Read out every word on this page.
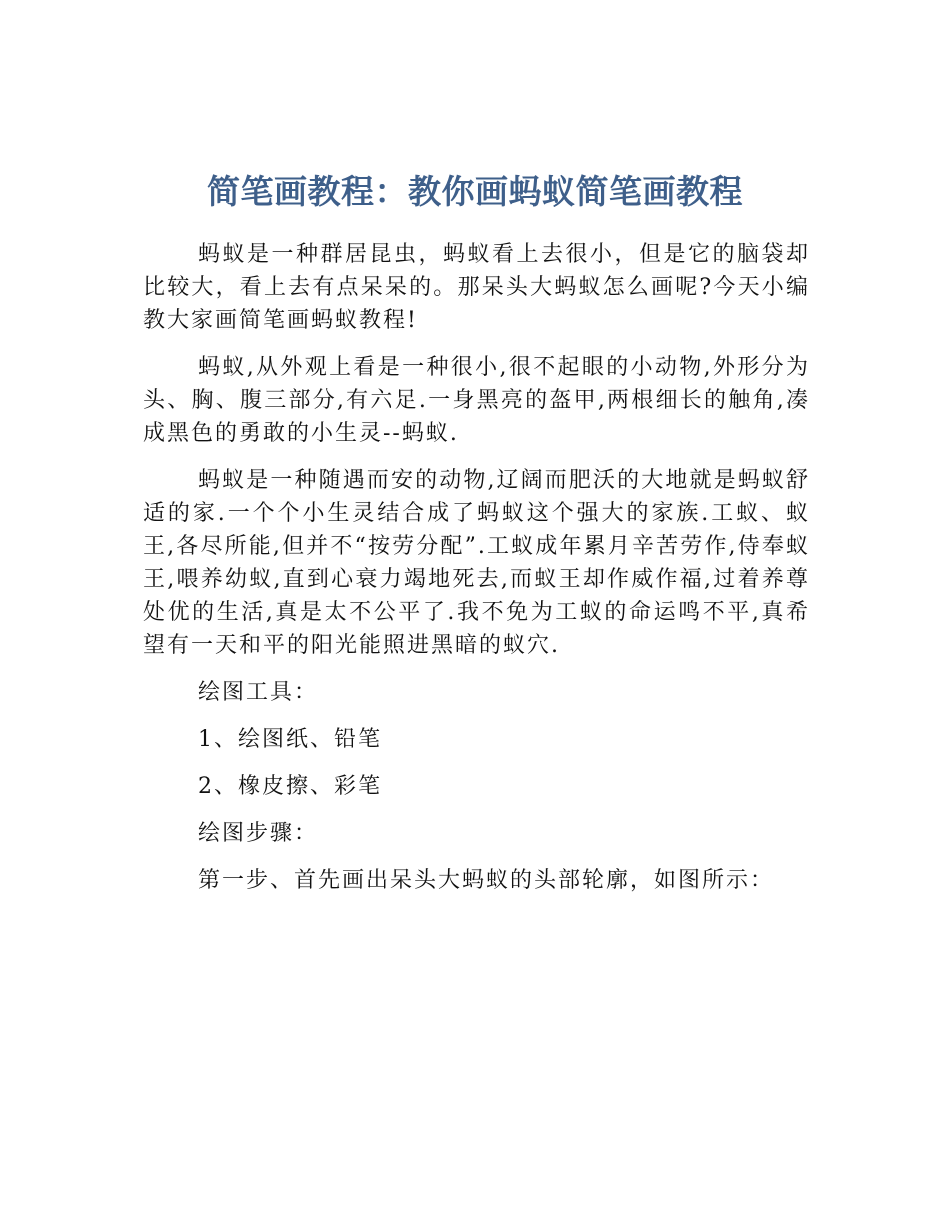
简笔画教程：教你画蚂蚁简笔画教程

蚂蚁是一种群居昆虫，蚂蚁看上去很小，但是它的脑袋却比较大，看上去有点呆呆的。那呆头大蚂蚁怎么画呢?今天小编教大家画简笔画蚂蚁教程!

蚂蚁,从外观上看是一种很小,很不起眼的小动物,外形分为头、胸、腹三部分,有六足.一身黑亮的盔甲,两根细长的触角,凑成黑色的勇敢的小生灵--蚂蚁.

蚂蚁是一种随遇而安的动物,辽阔而肥沃的大地就是蚂蚁舒适的家.一个个小生灵结合成了蚂蚁这个强大的家族.工蚁、蚁王,各尽所能,但并不“按劳分配”.工蚁成年累月辛苦劳作,侍奉蚁王,喂养幼蚁,直到心衰力竭地死去,而蚁王却作威作福,过着养尊处优的生活,真是太不公平了.我不免为工蚁的命运鸣不平,真希望有一天和平的阳光能照进黑暗的蚁穴.

绘图工具：

1、绘图纸、铅笔

2、橡皮擦、彩笔

绘图步骤：

第一步、首先画出呆头大蚂蚁的头部轮廓，如图所示：
